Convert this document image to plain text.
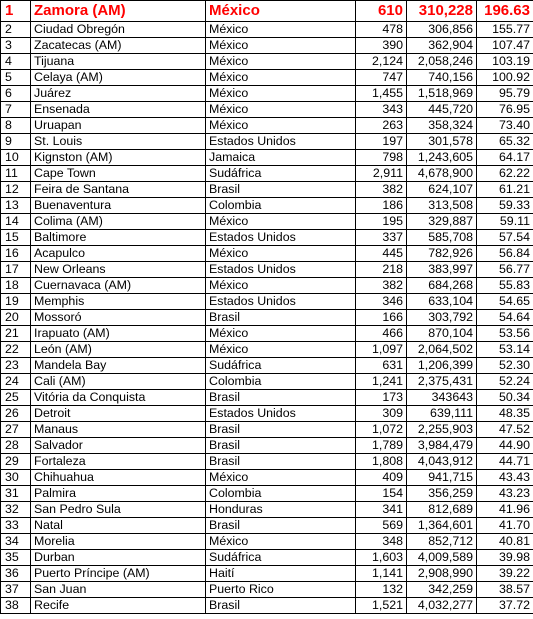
1	Zamora (AM)	México	610	310,228	196.63
2	Ciudad Obregón	México	478	306,856	155.77
3	Zacatecas (AM)	México	390	362,904	107.47
4	Tijuana	México	2,124	2,058,246	103.19
5	Celaya (AM)	México	747	740,156	100.92
6	Juárez	México	1,455	1,518,969	95.79
7	Ensenada	México	343	445,720	76.95
8	Uruapan	México	263	358,324	73.40
9	St. Louis	Estados Unidos	197	301,578	65.32
10	Kignston (AM)	Jamaica	798	1,243,605	64.17
11	Cape Town	Sudáfrica	2,911	4,678,900	62.22
12	Feira de Santana	Brasil	382	624,107	61.21
13	Buenaventura	Colombia	186	313,508	59.33
14	Colima (AM)	México	195	329,887	59.11
15	Baltimore	Estados Unidos	337	585,708	57.54
16	Acapulco	México	445	782,926	56.84
17	New Orleans	Estados Unidos	218	383,997	56.77
18	Cuernavaca (AM)	México	382	684,268	55.83
19	Memphis	Estados Unidos	346	633,104	54.65
20	Mossoró	Brasil	166	303,792	54.64
21	Irapuato (AM)	México	466	870,104	53.56
22	León (AM)	México	1,097	2,064,502	53.14
23	Mandela Bay	Sudáfrica	631	1,206,399	52.30
24	Cali (AM)	Colombia	1,241	2,375,431	52.24
25	Vitória da Conquista	Brasil	173	343643	50.34
26	Detroit	Estados Unidos	309	639,111	48.35
27	Manaus	Brasil	1,072	2,255,903	47.52
28	Salvador	Brasil	1,789	3,984,479	44.90
29	Fortaleza	Brasil	1,808	4,043,912	44.71
30	Chihuahua	México	409	941,715	43.43
31	Palmira	Colombia	154	356,259	43.23
32	San Pedro Sula	Honduras	341	812,689	41.96
33	Natal	Brasil	569	1,364,601	41.70
34	Morelia	México	348	852,712	40.81
35	Durban	Sudáfrica	1,603	4,009,589	39.98
36	Puerto Príncipe (AM)	Haití	1,141	2,908,990	39.22
37	San Juan	Puerto Rico	132	342,259	38.57
38	Recife	Brasil	1,521	4,032,277	37.72
